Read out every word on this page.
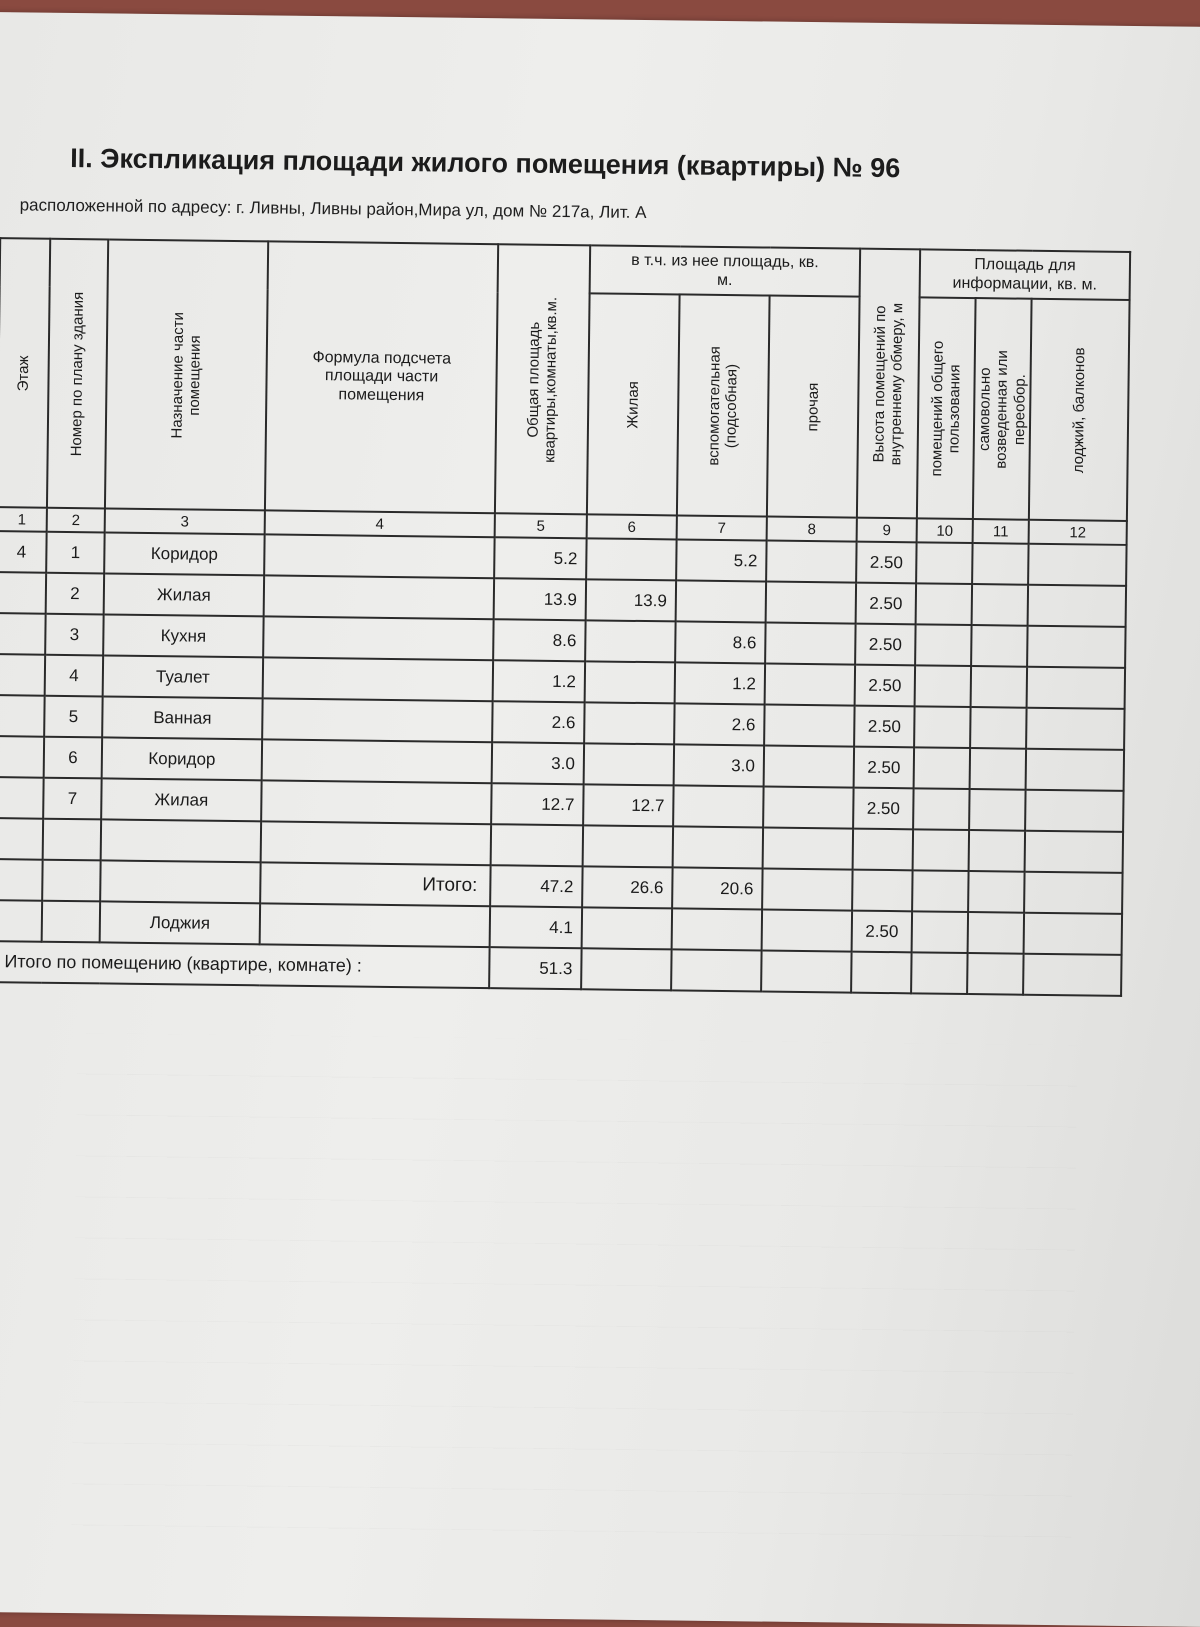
II. Экспликация площади жилого помещения (квартиры) № 96
расположенной по адресу: г. Ливны, Ливны район,Мира ул, дом № 217а, Лит. А
Этаж	Номер по плану здания	Назначение части помещения	Формула подсчета площади части помещения	Общая площадь квартиры,комнаты,кв.м.	в т.ч. из нее площадь, кв. м.			Высота помещений по внутреннему обмеру, м	Площадь для информации, кв. м.		

					Жилая	вспомогательная (подсобная)	прочая		помещений общего пользования	самовольно возведенная или переобор.	лоджий, балконов

1	2	3	4	5	6	7	8	9	10	11	12
4	1	Коридор		5.2		5.2		2.50			
	2	Жилая		13.9	13.9			2.50			
	3	Кухня		8.6		8.6		2.50			
	4	Туалет		1.2		1.2		2.50			
	5	Ванная		2.6		2.6		2.50			
	6	Коридор		3.0		3.0		2.50			
	7	Жилая		12.7	12.7			2.50			

			Итого:	47.2	26.6	20.6					
		Лоджия		4.1				2.50			
Итого по помещению (квартире, комнате) :				51.3							
